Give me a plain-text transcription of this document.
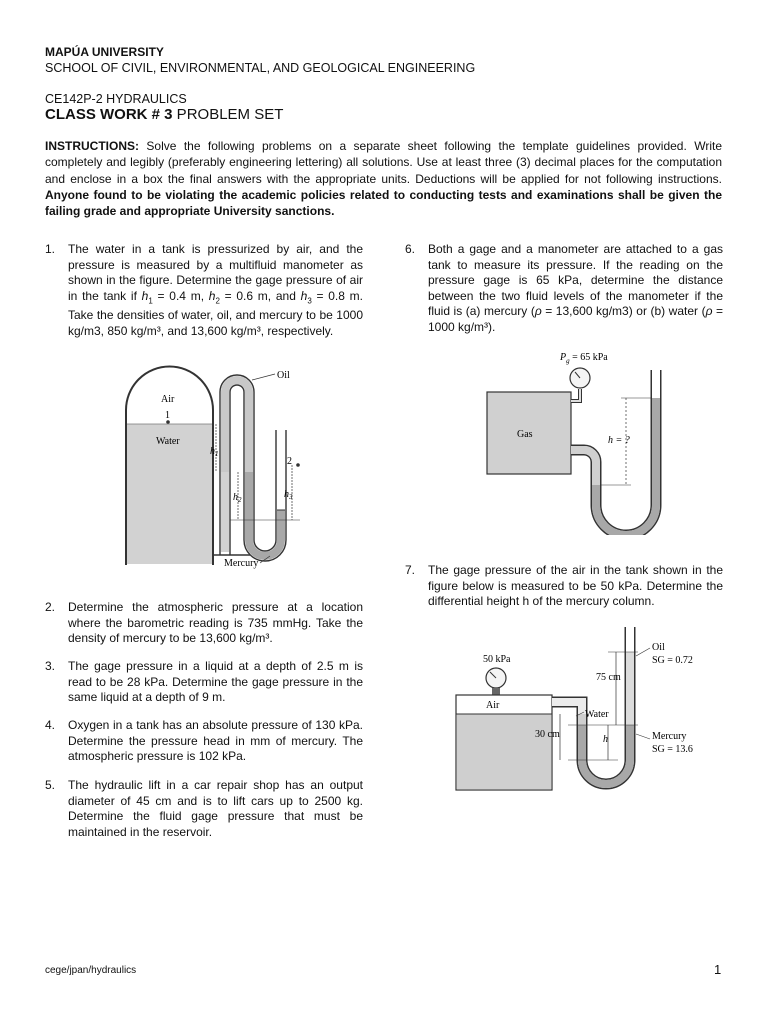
MAPÚA UNIVERSITY
SCHOOL OF CIVIL, ENVIRONMENTAL, AND GEOLOGICAL ENGINEERING
CE142P-2 HYDRAULICS
CLASS WORK # 3 PROBLEM SET
INSTRUCTIONS: Solve the following problems on a separate sheet following the template guidelines provided. Write completely and legibly (preferably engineering lettering) all solutions. Use at least three (3) decimal places for the computation and enclose in a box the final answers with the appropriate units. Deductions will be applied for not following instructions. Anyone found to be violating the academic policies related to conducting tests and examinations shall be given the failing grade and appropriate University sanctions.
1. The water in a tank is pressurized by air, and the pressure is measured by a multifluid manometer as shown in the figure. Determine the gage pressure of air in the tank if $h_1 = 0.4$ m, $h_2 = 0.6$ m, and $h_3 = 0.8$ m. Take the densities of water, oil, and mercury to be 1000 kg/m3, 850 kg/m³, and 13,600 kg/m³, respectively.
1
Air
Water
Oil
2
$h_1$
$h_2$	$h_3$
Mercury
2. Determine the atmospheric pressure at a location where the barometric reading is 735 mmHg. Take the density of mercury to be 13,600 kg/m³.
3. The gage pressure in a liquid at a depth of 2.5 m is read to be 28 kPa. Determine the gage pressure in the same liquid at a depth of 9 m.
4. Oxygen in a tank has an absolute pressure of 130 kPa. Determine the pressure head in mm of mercury. The atmospheric pressure is 102 kPa.
5. The hydraulic lift in a car repair shop has an output diameter of 45 cm and is to lift cars up to 2500 kg. Determine the fluid gage pressure that must be maintained in the reservoir.
6. Both a gage and a manometer are attached to a gas tank to measure its pressure. If the reading on the pressure gage is 65 kPa, determine the distance between the two fluid levels of the manometer if the fluid is (a) mercury (ρ = 13,600 kg/m3) or (b) water (ρ = 1000 kg/m³).
$P_g = 65$ kPa
Gas
h = ?
7. The gage pressure of the air in the tank shown in the figure below is measured to be 50 kPa. Determine the differential height h of the mercury column.
50 kPa
Air
Water
30 cm	h
75 cm
Oil
SG = 0.72
Mercury
SG = 13.6
cege/jpan/hydraulics	1
